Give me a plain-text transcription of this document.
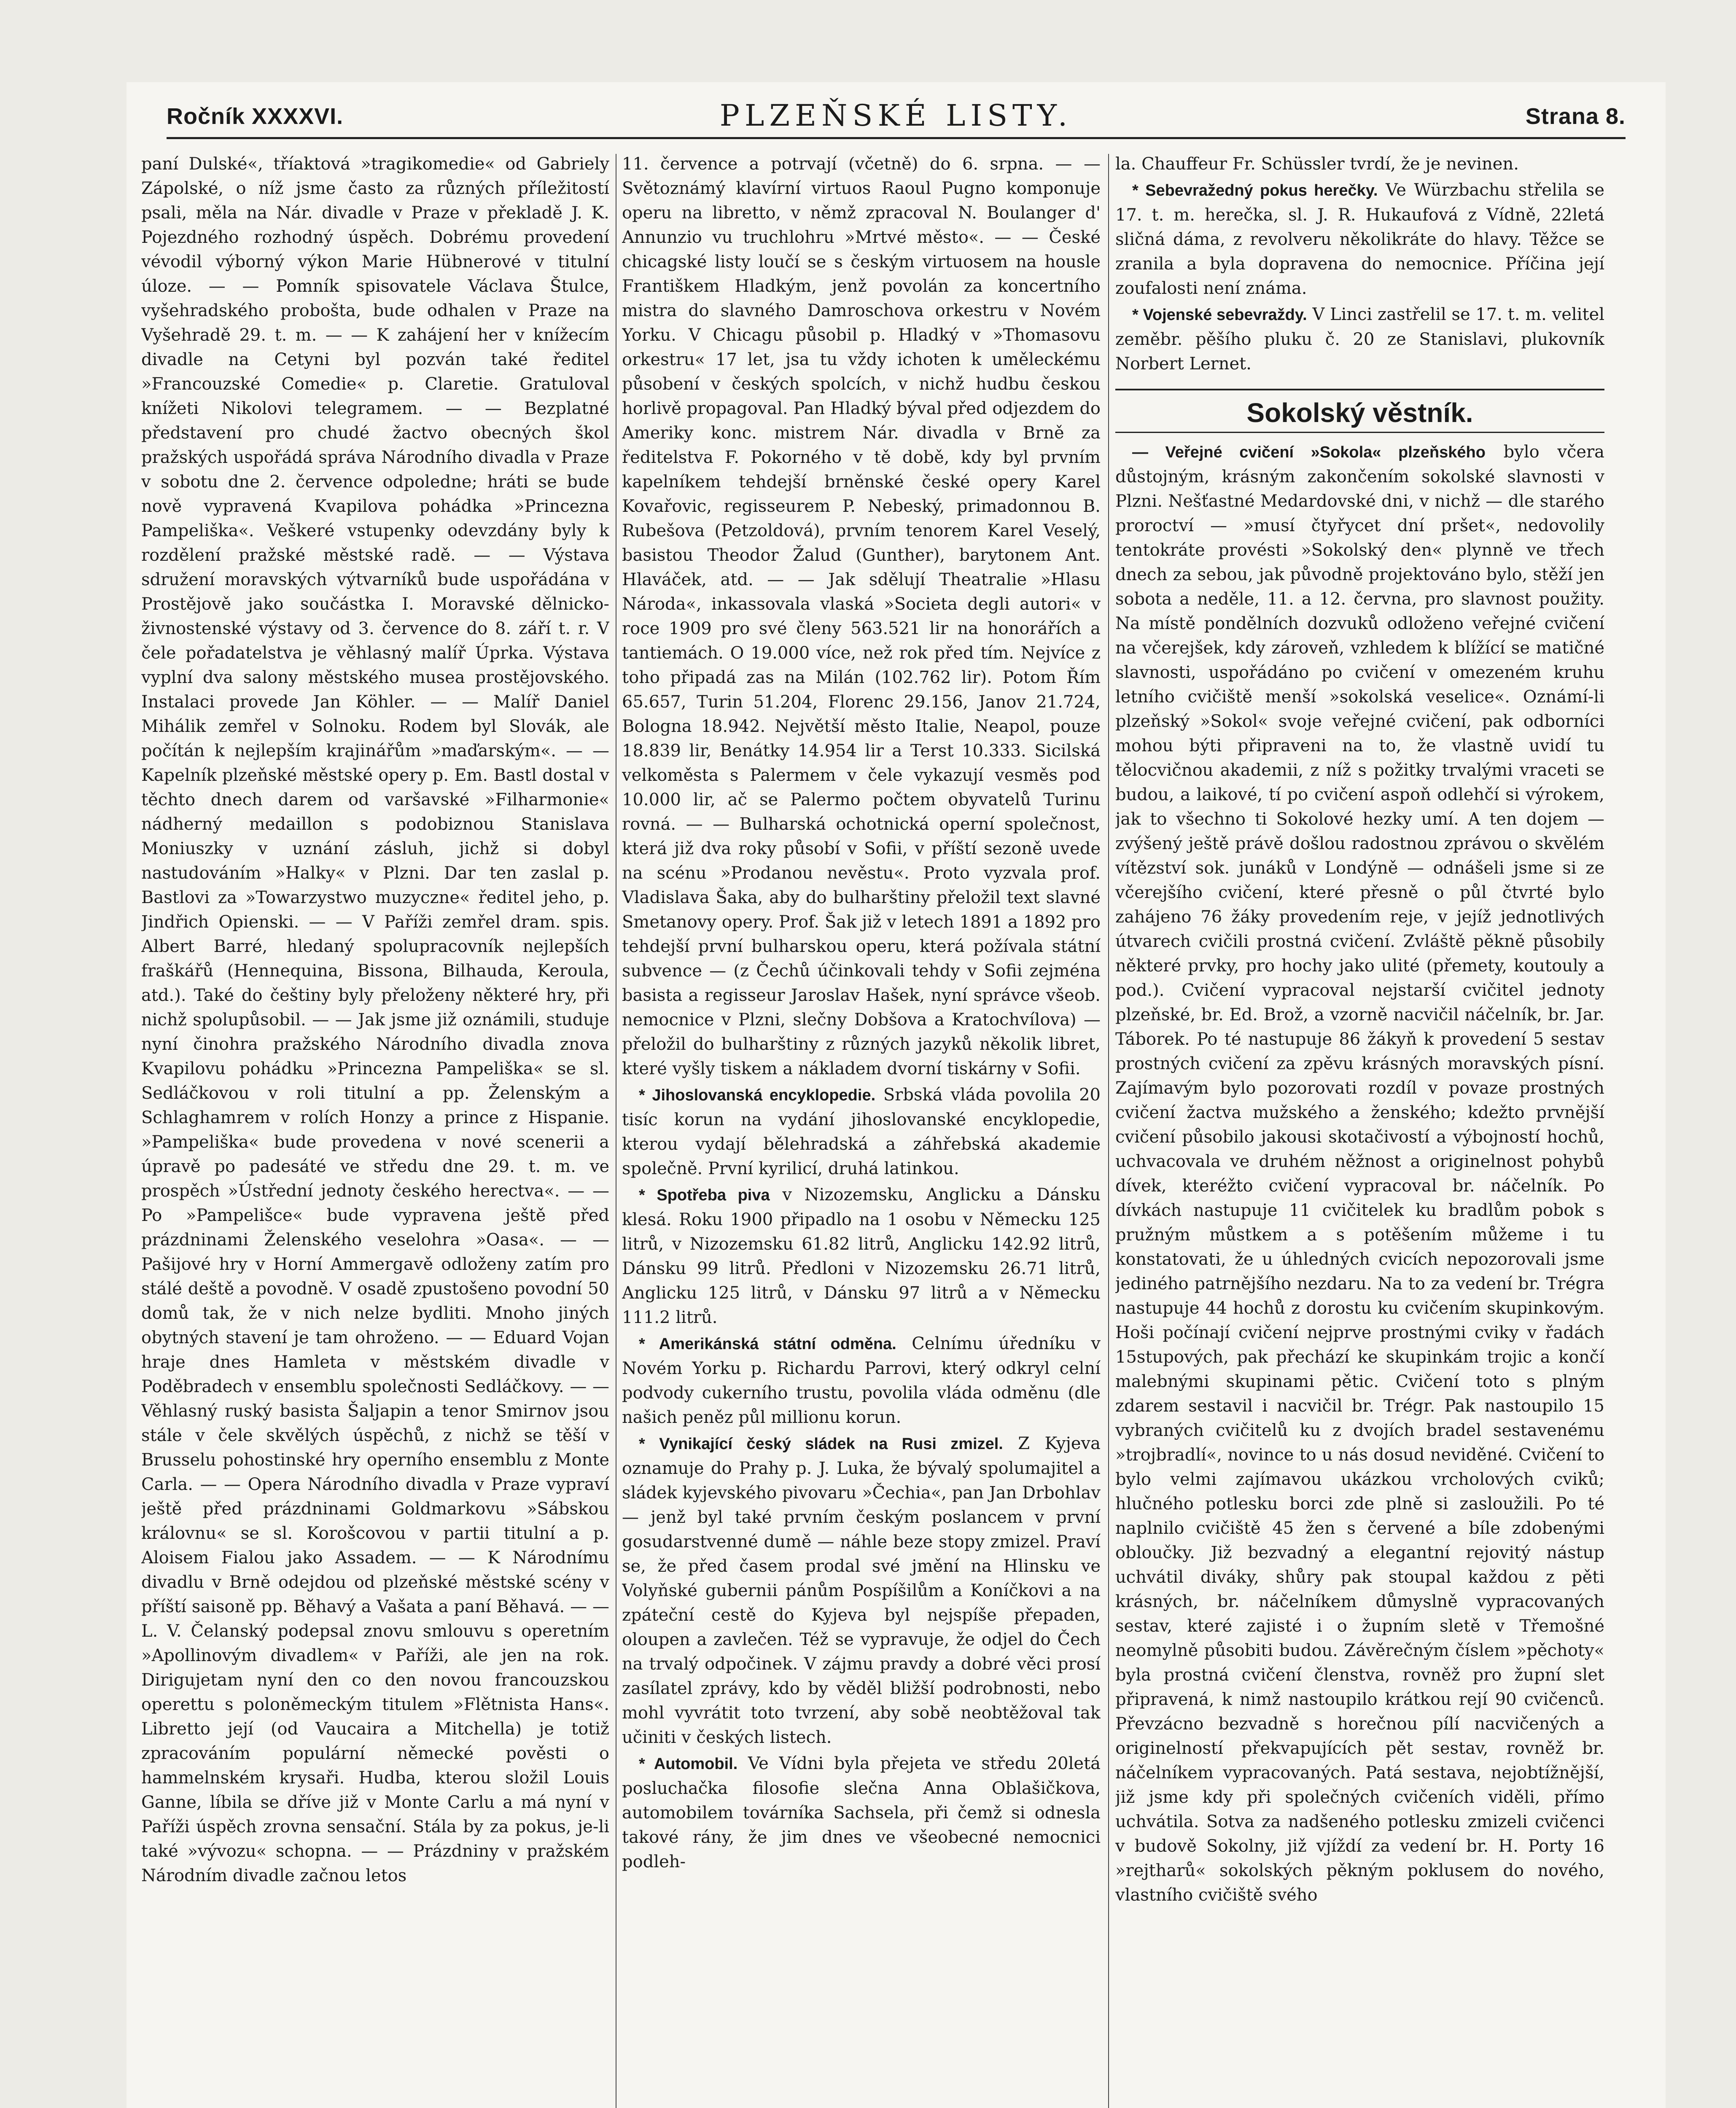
Ročník XXXXVI.	PLZEŇSKÉ LISTY.	Strana 8.

paní Dulské«, tříaktová »tragikomedie« od Gabriely Zápolské, o níž jsme často za různých příležitostí psali, měla na Nár. divadle v Praze v překladě J. K. Pojezdného rozhodný úspěch. Dobrému provedení vévodil výborný výkon Marie Hübnerové v titulní úloze. — — Pomník spisovatele Václava Štulce, vyšehradského probošta, bude odhalen v Praze na Vyšehradě 29. t. m. — — K zahájení her v knížecím divadle na Cetyni byl pozván také ředitel »Francouzské Comedie« p. Claretie. Gratuloval knížeti Nikolovi telegramem. — — Bezplatné představení pro chudé žactvo obecných škol pražských uspořádá správa Národního divadla v Praze v sobotu dne 2. července odpoledne; hráti se bude nově vypravená Kvapilova pohádka »Princezna Pampeliška«. Veškeré vstupenky odevzdány byly k rozdělení pražské městské radě. — — Výstava sdružení moravských výtvarníků bude uspořádána v Prostějově jako součástka I. Moravské dělnicko-živnostenské výstavy od 3. července do 8. září t. r. V čele pořadatelstva je věhlasný malíř Úprka. Výstava vyplní dva salony městského musea prostějovského. Instalaci provede Jan Köhler. — — Malíř Daniel Mihálik zemřel v Solnoku. Rodem byl Slovák, ale počítán k nejlepším krajinářům »maďarským«. — — Kapelník plzeňské městské opery p. Em. Bastl dostal v těchto dnech darem od varšavské »Filharmonie« nádherný medaillon s podobiznou Stanislava Moniuszky v uznání zásluh, jichž si dobyl nastudováním »Halky« v Plzni. Dar ten zaslal p. Bastlovi za »Towarzystwo muzyczne« ředitel jeho, p. Jindřich Opienski. — — V Paříži zemřel dram. spis. Albert Barré, hledaný spolupracovník nejlepších fraškářů (Hennequina, Bissona, Bilhauda, Keroula, atd.). Také do češtiny byly přeloženy některé hry, při nichž spolupůsobil. — — Jak jsme již oznámili, studuje nyní činohra pražského Národního divadla znova Kvapilovu pohádku »Princezna Pampeliška« se sl. Sedláčkovou v roli titulní a pp. Želenským a Schlaghamrem v rolích Honzy a prince z Hispanie. »Pampeliška« bude provedena v nové scenerii a úpravě po padesáté ve středu dne 29. t. m. ve prospěch »Ústřední jednoty českého herectva«. — — Po »Pampelišce« bude vypravena ještě před prázdninami Želenského veselohra »Oasa«. — — Pašijové hry v Horní Ammergavě odloženy zatím pro stálé deště a povodně. V osadě zpustošeno povodní 50 domů tak, že v nich nelze bydliti. Mnoho jiných obytných stavení je tam ohroženo. — — Eduard Vojan hraje dnes Hamleta v městském divadle v Poděbradech v ensemblu společnosti Sedláčkovy. — — Věhlasný ruský basista Šaljapin a tenor Smirnov jsou stále v čele skvělých úspěchů, z nichž se těší v Brusselu pohostinské hry operního ensemblu z Monte Carla. — — Opera Národního divadla v Praze vypraví ještě před prázdninami Goldmarkovu »Sábskou královnu« se sl. Korošcovou v partii titulní a p. Aloisem Fialou jako Assadem. — — K Národnímu divadlu v Brně odejdou od plzeňské městské scény v příští saisoně pp. Běhavý a Vašata a paní Běhavá. — — L. V. Čelanský podepsal znovu smlouvu s operetním »Apollinovým divadlem« v Paříži, ale jen na rok. Dirigujetam nyní den co den novou francouzskou operettu s poloněmeckým titulem »Flětnista Hans«. Libretto její (od Vaucaira a Mitchella) je totiž zpracováním populární německé pověsti o hammelnském krysaři. Hudba, kterou složil Louis Ganne, líbila se dříve již v Monte Carlu a má nyní v Paříži úspěch zrovna sensační. Stála by za pokus, je-li také »vývozu« schopna. — — Prázdniny v pražském Národním divadle začnou letos

11. července a potrvají (včetně) do 6. srpna. — — Světoznámý klavírní virtuos Raoul Pugno komponuje operu na libretto, v němž zpracoval N. Boulanger d' Annunzio vu truchlohru »Mrtvé město«. — — České chicagské listy loučí se s českým virtuosem na housle Františkem Hladkým, jenž povolán za koncertního mistra do slavného Damroschova orkestru v Novém Yorku. V Chicagu působil p. Hladký v »Thomasovu orkestru« 17 let, jsa tu vždy ichoten k uměleckému působení v českých spolcích, v nichž hudbu českou horlivě propagoval. Pan Hladký býval před odjezdem do Ameriky konc. mistrem Nár. divadla v Brně za ředitelstva F. Pokorného v tě době, kdy byl prvním kapelníkem tehdejší brněnské české opery Karel Kovařovic, regisseurem P. Nebeský, primadonnou B. Rubešova (Petzoldová), prvním tenorem Karel Veselý, basistou Theodor Žalud (Gunther), barytonem Ant. Hlaváček, atd. — — Jak sdělují Theatralie »Hlasu Národa«, inkassovala vlaská »Societa degli autori« v roce 1909 pro své členy 563.521 lir na honorářích a tantiemách. O 19.000 více, než rok před tím. Nejvíce z toho připadá zas na Milán (102.762 lir). Potom Řím 65.657, Turin 51.204, Florenc 29.156, Janov 21.724, Bologna 18.942. Největší město Italie, Neapol, pouze 18.839 lir, Benátky 14.954 lir a Terst 10.333. Sicilská velkoměsta s Palermem v čele vykazují vesměs pod 10.000 lir, ač se Palermo počtem obyvatelů Turinu rovná. — — Bulharská ochotnická operní společnost, která již dva roky působí v Sofii, v příští sezoně uvede na scénu »Prodanou nevěstu«. Proto vyzvala prof. Vladislava Šaka, aby do bulharštiny přeložil text slavné Smetanovy opery. Prof. Šak již v letech 1891 a 1892 pro tehdejší první bulharskou operu, která požívala státní subvence — (z Čechů účinkovali tehdy v Sofii zejména basista a regisseur Jaroslav Hašek, nyní správce všeob. nemocnice v Plzni, slečny Dobšova a Kratochvílova) — přeložil do bulharštiny z různých jazyků několik libret, které vyšly tiskem a nákladem dvorní tiskárny v Sofii.

* Jihoslovanská encyklopedie. Srbská vláda povolila 20 tisíc korun na vydání jihoslovanské encyklopedie, kterou vydají bělehradská a záhřebská akademie společně. První kyrilicí, druhá latinkou.

* Spotřeba piva v Nizozemsku, Anglicku a Dánsku klesá. Roku 1900 připadlo na 1 osobu v Německu 125 litrů, v Nizozemsku 61.82 litrů, Anglicku 142.92 litrů, Dánsku 99 litrů. Předloni v Nizozemsku 26.71 litrů, Anglicku 125 litrů, v Dánsku 97 litrů a v Německu 111.2 litrů.

* Amerikánská státní odměna. Celnímu úředníku v Novém Yorku p. Richardu Parrovi, který odkryl celní podvody cukerního trustu, povolila vláda odměnu (dle našich peněz půl millionu korun.

* Vynikající český sládek na Rusi zmizel. Z Kyjeva oznamuje do Prahy p. J. Luka, že bývalý spolumajitel a sládek kyjevského pivovaru »Čechia«, pan Jan Drbohlav — jenž byl také prvním českým poslancem v první gosudarstvenné dumě — náhle beze stopy zmizel. Praví se, že před časem prodal své jmění na Hlinsku ve Volyňské gubernii pánům Pospíšilům a Koníčkovi a na zpáteční cestě do Kyjeva byl nejspíše přepaden, oloupen a zavlečen. Též se vypravuje, že odjel do Čech na trvalý odpočinek. V zájmu pravdy a dobré věci prosí zasílatel zprávy, kdo by věděl bližší podrobnosti, nebo mohl vyvrátit toto tvrzení, aby sobě neobtěžoval tak učiniti v českých listech.

* Automobil. Ve Vídni byla přejeta ve středu 20letá posluchačka filosofie slečna Anna Oblašičkova, automobilem továrníka Sachsela, při čemž si odnesla takové rány, že jim dnes ve všeobecné nemocnici podleh-

la. Chauffeur Fr. Schüssler tvrdí, že je nevinen.

* Sebevražedný pokus herečky. Ve Würzbachu střelila se 17. t. m. herečka, sl. J. R. Hukaufová z Vídně, 22letá sličná dáma, z revolveru několikráte do hlavy. Těžce se zranila a byla dopravena do nemocnice. Příčina její zoufalosti není známa.

* Vojenské sebevraždy. V Linci zastřelil se 17. t. m. velitel zeměbr. pěšího pluku č. 20 ze Stanislavi, plukovník Norbert Lernet.

Sokolský věstník.

— Veřejné cvičení »Sokola« plzeňského bylo včera důstojným, krásným zakončením sokolské slavnosti v Plzni. Nešťastné Medardovské dni, v nichž — dle starého proroctví — »musí čtyřycet dní pršet«, nedovolily tentokráte provésti »Sokolský den« plynně ve třech dnech za sebou, jak původně projektováno bylo, stěží jen sobota a neděle, 11. a 12. června, pro slavnost použity. Na místě pondělních dozvuků odloženo veřejné cvičení na včerejšek, kdy zároveň, vzhledem k blížící se matičné slavnosti, uspořádáno po cvičení v omezeném kruhu letního cvičiště menší »sokolská veselice«. Oznámí-li plzeňský »Sokol« svoje veřejné cvičení, pak odborníci mohou býti připraveni na to, že vlastně uvidí tu tělocvičnou akademii, z níž s požitky trvalými vraceti se budou, a laikové, tí po cvičení aspoň odlehčí si výrokem, jak to všechno ti Sokolové hezky umí. A ten dojem — zvýšený ještě právě došlou radostnou zprávou o skvělém vítězství sok. junáků v Londýně — odnášeli jsme si ze včerejšího cvičení, které přesně o půl čtvrté bylo zahájeno 76 žáky provedením reje, v jejíž jednotlivých útvarech cvičili prostná cvičení. Zvláště pěkně působily některé prvky, pro hochy jako ulité (přemety, koutouly a pod.). Cvičení vypracoval nejstarší cvičitel jednoty plzeňské, br. Ed. Brož, a vzorně nacvičil náčelník, br. Jar. Táborek. Po té nastupuje 86 žákyň k provedení 5 sestav prostných cvičení za zpěvu krásných moravských písní. Zajímavým bylo pozorovati rozdíl v povaze prostných cvičení žactva mužského a ženského; kdežto prvnější cvičení působilo jakousi skotačivostí a výbojností hochů, uchvacovala ve druhém něžnost a originelnost pohybů dívek, kteréžto cvičení vypracoval br. náčelník. Po dívkách nastupuje 11 cvičitelek ku bradlům pobok s pružným můstkem a s potěšením můžeme i tu konstatovati, že u úhledných cvicích nepozorovali jsme jediného patrnějšího nezdaru. Na to za vedení br. Trégra nastupuje 44 hochů z dorostu ku cvičením skupinkovým. Hoši počínají cvičení nejprve prostnými cviky v řadách 15stupových, pak přechází ke skupinkám trojic a končí malebnými skupinami pětic. Cvičení toto s plným zdarem sestavil i nacvičil br. Trégr. Pak nastoupilo 15 vybraných cvičitelů ku z dvojích bradel sestavenému »trojbradlí«, novince to u nás dosud neviděné. Cvičení to bylo velmi zajímavou ukázkou vrcholových cviků; hlučného potlesku borci zde plně si zasloužili. Po té naplnilo cvičiště 45 žen s červené a bíle zdobenými obloučky. Již bezvadný a elegantní rejovitý nástup uchvátil diváky, shůry pak stoupal každou z pěti krásných, br. náčelníkem důmyslně vypracovaných sestav, které zajisté i o župním sletě v Třemošné neomylně působiti budou. Závěrečným číslem »pěchoty« byla prostná cvičení členstva, rovněž pro župní slet připravená, k nimž nastoupilo krátkou rejí 90 cvičenců. Převzácno bezvadně s horečnou pílí nacvičených a originelností překvapujících pět sestav, rovněž br. náčelníkem vypracovaných. Patá sestava, nejobtížnější, již jsme kdy při společných cvičeních viděli, přímo uchvátila. Sotva za nadšeného potlesku zmizeli cvičenci v budově Sokolny, již vjíždí za vedení br. H. Porty 16 »rejtharů« sokolských pěkným poklusem do nového, vlastního cvičiště svého
